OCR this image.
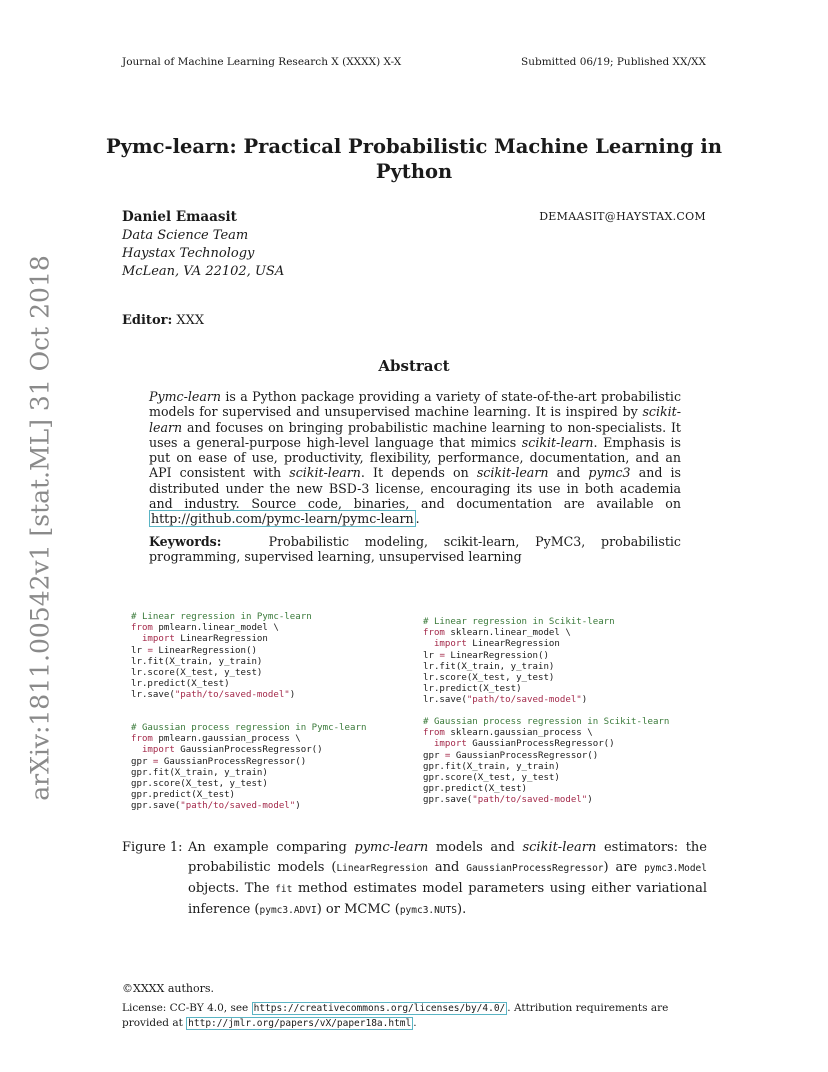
Journal of Machine Learning Research X (XXXX) X-X	Submitted 06/19; Published XX/XX
arXiv:1811.00542v1 [stat.ML] 31 Oct 2018
Pymc-learn: Practical Probabilistic Machine Learning in
Python
Daniel Emaasit	DEMAASIT@HAYSTAX.COM
Data Science Team
Haystax Technology
McLean, VA 22102, USA
Editor: XXX
Abstract
Pymc-learn is a Python package providing a variety of state-of-the-art probabilistic models for supervised and unsupervised machine learning. It is inspired by scikit-learn and focuses on bringing probabilistic machine learning to non-specialists. It uses a general-purpose high-level language that mimics scikit-learn. Emphasis is put on ease of use, productivity, flexibility, performance, documentation, and an API consistent with scikit-learn. It depends on scikit-learn and pymc3 and is distributed under the new BSD-3 license, encouraging its use in both academia and industry. Source code, binaries, and documentation are available on http://github.com/pymc-learn/pymc-learn .
Keywords:	Probabilistic modeling, scikit-learn, PyMC3, probabilistic programming, supervised learning, unsupervised learning
# Linear regression in Pymc-learn
from pmlearn.linear_model \
import LinearRegression
lr = LinearRegression()
lr.fit(X_train, y_train)
lr.score(X_test, y_test)
lr.predict(X_test)
lr.save("path/to/saved-model")
# Gaussian process regression in Pymc-learn
from pmlearn.gaussian_process \
import GaussianProcessRegressor()
gpr = GaussianProcessRegressor()
gpr.fit(X_train, y_train)
gpr.score(X_test, y_test)
gpr.predict(X_test)
gpr.save("path/to/saved-model")
# Linear regression in Scikit-learn
from sklearn.linear_model \
import LinearRegression
lr = LinearRegression()
lr.fit(X_train, y_train)
lr.score(X_test, y_test)
lr.predict(X_test)
lr.save("path/to/saved-model")
# Gaussian process regression in Scikit-learn
from sklearn.gaussian_process \
import GaussianProcessRegressor()
gpr = GaussianProcessRegressor()
gpr.fit(X_train, y_train)
gpr.score(X_test, y_test)
gpr.predict(X_test)
gpr.save("path/to/saved-model")
Figure 1: An example comparing pymc-learn models and scikit-learn estimators: the probabilistic models (LinearRegression and GaussianProcessRegressor) are pymc3.Model objects. The fit method estimates model parameters using either variational inference (pymc3.ADVI) or MCMC (pymc3.NUTS).
©XXXX authors.
License: CC-BY 4.0, see https://creativecommons.org/licenses/by/4.0/ . Attribution requirements are provided at http://jmlr.org/papers/vX/paper18a.html .
